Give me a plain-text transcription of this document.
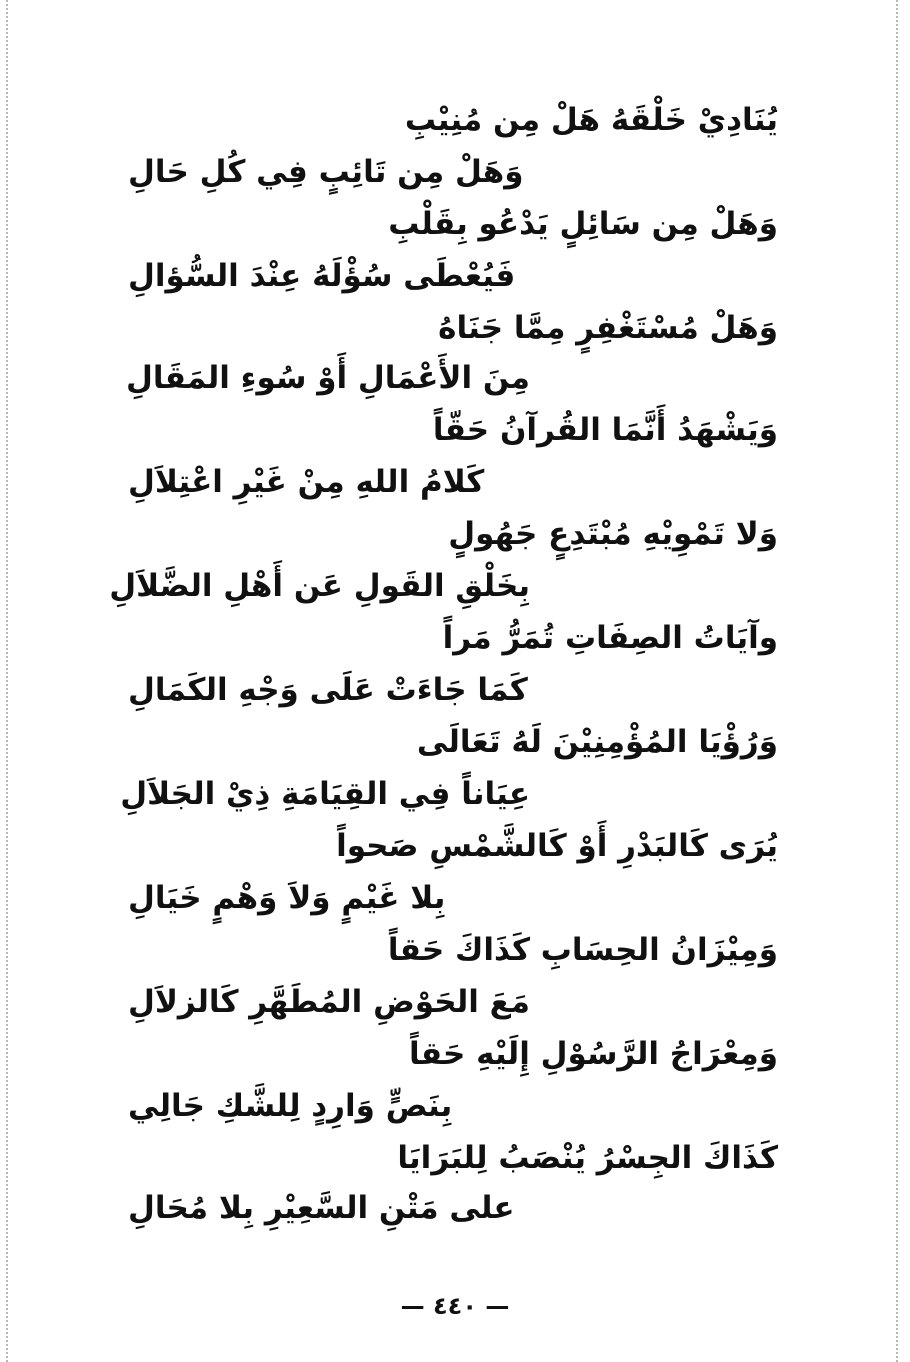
يُنَادِيْ خَلْقَهُ هَلْ مِن مُنِيْبِ
وَهَلْ مِن تَائِبٍ فِي كُلِ حَالِ
وَهَلْ مِن سَائِلٍ يَدْعُو بِقَلْبِ
فَيُعْطَى سُؤْلَهُ عِنْدَ السُّؤالِ
وَهَلْ مُسْتَغْفِرٍ مِمَّا جَنَاهُ
مِنَ الأَعْمَالِ أَوْ سُوءِ المَقَالِ
وَيَشْهَدُ أَنَّمَا القُرآنُ حَقّاً
كَلامُ اللهِ مِنْ غَيْرِ اعْتِلاَلِ
وَلا تَمْوِيْهِ مُبْتَدِعٍ جَهُولٍ
بِخَلْقِ القَولِ عَن أَهْلِ الضَّلاَلِ
وآيَاتُ الصِفَاتِ تُمَرُّ مَراً
كَمَا جَاءَتْ عَلَى وَجْهِ الكَمَالِ
وَرُؤْيَا المُؤْمِنِيْنَ لَهُ تَعَالَى
عِيَاناً فِي القِيَامَةِ ذِيْ الجَلاَلِ
يُرَى كَالبَدْرِ أَوْ كَالشَّمْسِ صَحواً
بِلا غَيْمٍ وَلاَ وَهْمٍ خَيَالِ
وَمِيْزَانُ الحِسَابِ كَذَاكَ حَقاً
مَعَ الحَوْضِ المُطَهَّرِ كَالزلاَلِ
وَمِعْرَاجُ الرَّسُوْلِ إِلَيْهِ حَقاً
بِنَصٍّ وَارِدٍ لِلشَّكِ جَالِي
كَذَاكَ الجِسْرُ يُنْصَبُ لِلبَرَايَا
على مَتْنِ السَّعِيْرِ بِلا مُحَالِ
— ٤٤٠ —
